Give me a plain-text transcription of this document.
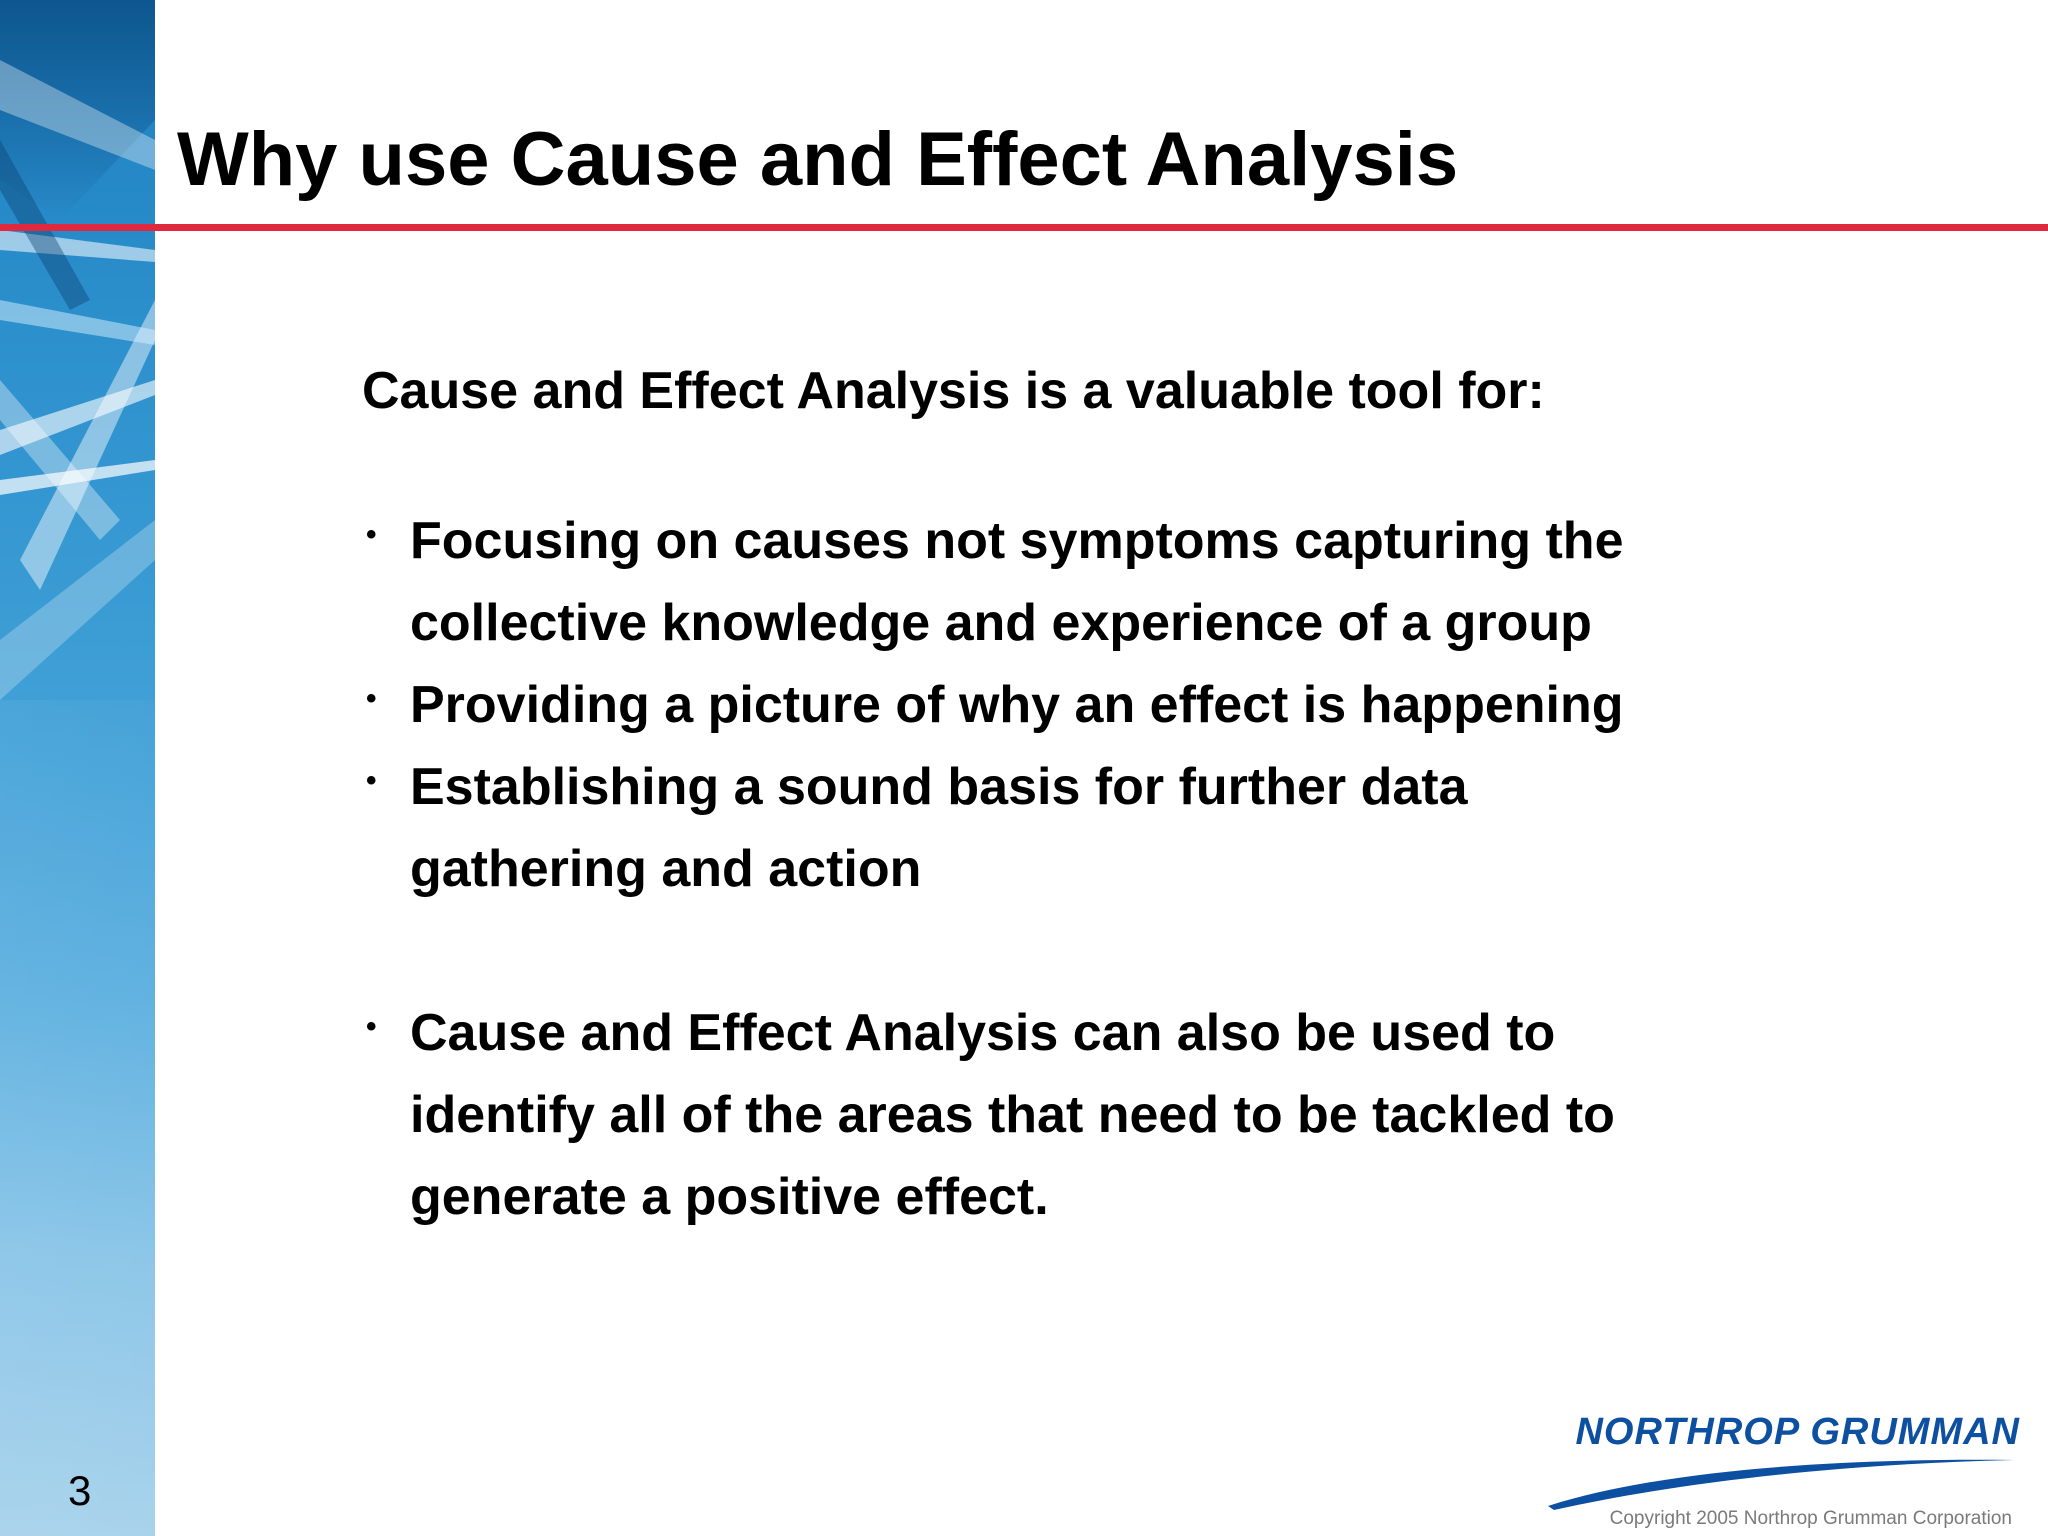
Why use Cause and Effect Analysis

Cause and Effect Analysis is a valuable tool for:

• Focusing on causes not symptoms capturing the
collective knowledge and experience of a group
• Providing a picture of why an effect is happening
• Establishing a sound basis for further data
gathering and action
• Cause and Effect Analysis can also be used to
identify all of the areas that need to be tackled to
generate a positive effect.
3
NORTHROP GRUMMAN
Copyright 2005 Northrop Grumman Corporation
